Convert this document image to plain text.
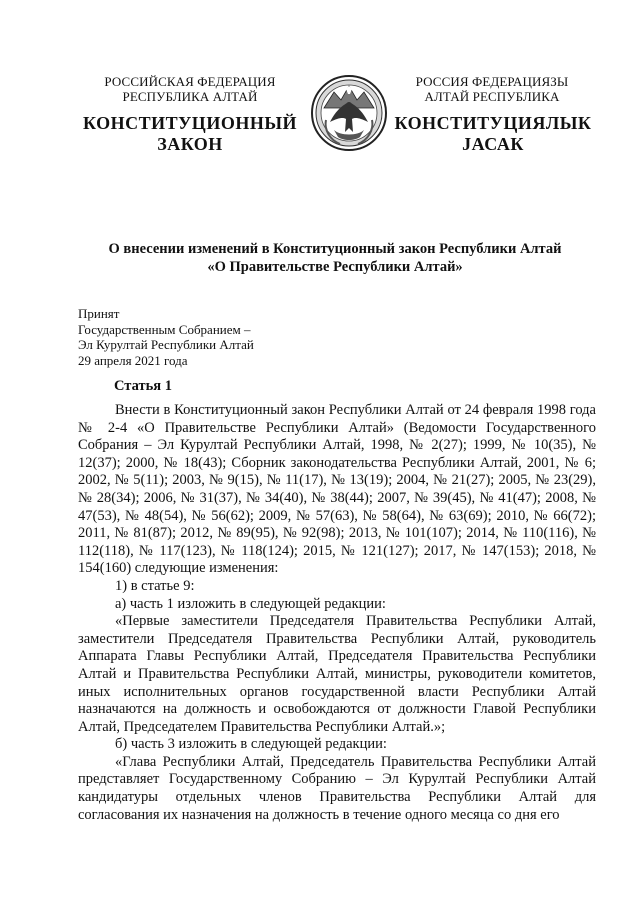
РОССИЙСКАЯ ФЕДЕРАЦИЯ
РЕСПУБЛИКА АЛТАЙ
РОССИЯ ФЕДЕРАЦИЯЗЫ
АЛТАЙ РЕСПУБЛИКА
КОНСТИТУЦИОННЫЙ
ЗАКОН
КОНСТИТУЦИЯЛЫК
ЈАСАК
О внесении изменений в Конституционный закон Республики Алтай
«О Правительстве Республики Алтай»
Принят
Государственным Собранием –
Эл Курултай Республики Алтай
29 апреля 2021 года
Статья 1

Внести в Конституционный закон Республики Алтай от 24 февраля 1998 года № 2-4 «О Правительстве Республики Алтай» (Ведомости Государственного Собрания – Эл Курултай Республики Алтай, 1998, № 2(27); 1999, № 10(35), № 12(37); 2000, № 18(43); Сборник законодательства Республики Алтай, 2001, № 6; 2002, № 5(11); 2003, № 9(15), № 11(17), № 13(19); 2004, № 21(27); 2005, № 23(29), № 28(34); 2006, № 31(37), № 34(40), № 38(44); 2007, № 39(45), № 41(47); 2008, № 47(53), № 48(54), № 56(62); 2009, № 57(63), № 58(64), № 63(69); 2010, № 66(72); 2011, № 81(87); 2012, № 89(95), № 92(98); 2013, № 101(107); 2014, № 110(116), № 112(118), № 117(123), № 118(124); 2015, № 121(127); 2017, № 147(153); 2018, № 154(160) следующие изменения:

1) в статье 9:

а) часть 1 изложить в следующей редакции:

«Первые заместители Председателя Правительства Республики Алтай, заместители Председателя Правительства Республики Алтай, руководитель Аппарата Главы Республики Алтай, Председателя Правительства Республики Алтай и Правительства Республики Алтай, министры, руководители комитетов, иных исполнительных органов государственной власти Республики Алтай назначаются на должность и освобождаются от должности Главой Республики Алтай, Председателем Правительства Республики Алтай.»;

б) часть 3 изложить в следующей редакции:

«Глава Республики Алтай, Председатель Правительства Республики Алтай представляет Государственному Собранию – Эл Курултай Республики Алтай кандидатуры отдельных членов Правительства Республики Алтай для согласования их назначения на должность в течение одного месяца со дня его
